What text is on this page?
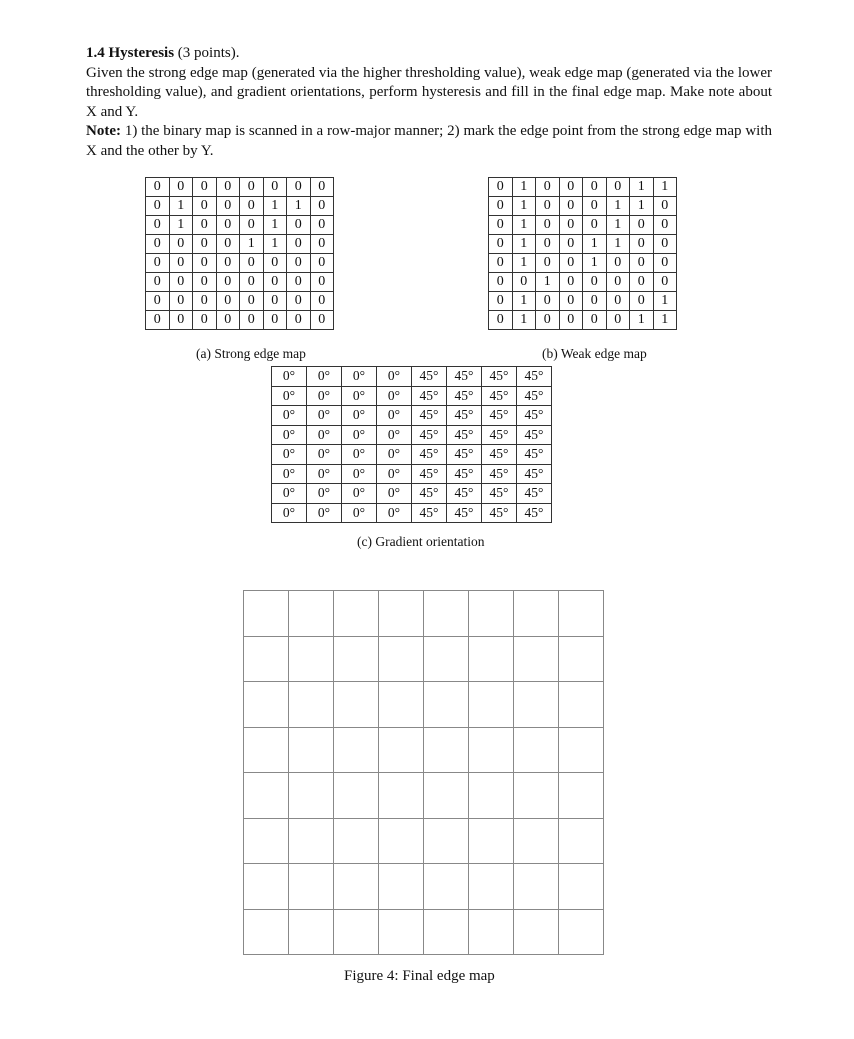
1.4 Hysteresis (3 points).

Given the strong edge map (generated via the higher thresholding value), weak edge map (generated via the lower thresholding value), and gradient orientations, perform hysteresis and fill in the final edge map. Make note about X and Y.

Note: 1) the binary map is scanned in a row-major manner; 2) mark the edge point from the strong edge map with X and the other by Y.

0	0	0	0	0	0	0	0
0	1	0	0	0	1	1	0
0	1	0	0	0	1	0	0
0	0	0	0	1	1	0	0
0	0	0	0	0	0	0	0
0	0	0	0	0	0	0	0
0	0	0	0	0	0	0	0
0	0	0	0	0	0	0	0
(a) Strong edge map
0	1	0	0	0	0	1	1
0	1	0	0	0	1	1	0
0	1	0	0	0	1	0	0
0	1	0	0	1	1	0	0
0	1	0	0	1	0	0	0
0	0	1	0	0	0	0	0
0	1	0	0	0	0	0	1
0	1	0	0	0	0	1	1
(b) Weak edge map
0°	0°	0°	0°	45°	45°	45°	45°
0°	0°	0°	0°	45°	45°	45°	45°
0°	0°	0°	0°	45°	45°	45°	45°
0°	0°	0°	0°	45°	45°	45°	45°
0°	0°	0°	0°	45°	45°	45°	45°
0°	0°	0°	0°	45°	45°	45°	45°
0°	0°	0°	0°	45°	45°	45°	45°
0°	0°	0°	0°	45°	45°	45°	45°
(c) Gradient orientation

Figure 4: Final edge map
